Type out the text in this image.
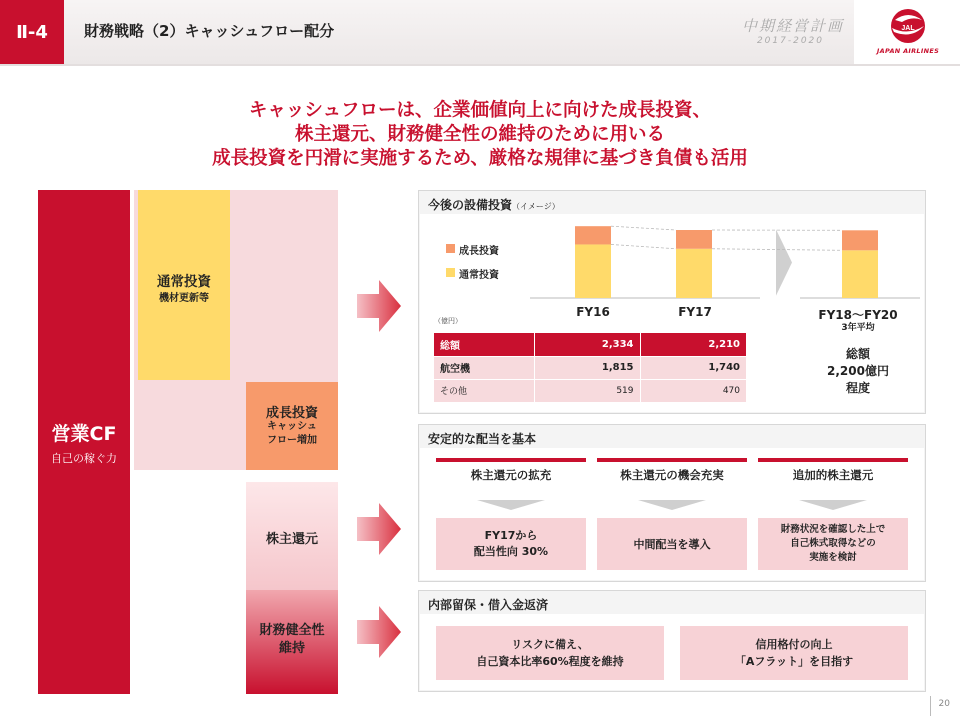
Ⅱ-4	財務戦略（2）キャッシュフロー配分	中期経営計画
2017-2020
JAL
JAPAN AIRLINES
キャッシュフローは、企業価値向上に向けた成長投資、
株主還元、財務健全性の維持のために用いる
成長投資を円滑に実施するため、厳格な規律に基づき負債も活用
営業CF
自己の稼ぐ力
通常投資
機材更新等
成長投資
キャッシュ
フロー増加
株主還元
財務健全性
維持
今後の設備投資（イメージ）
成長投資
通常投資
FY16	FY17	FY18〜FY20
3年平均
（億円）
総額	2,334	2,210
航空機	1,815	1,740
その他	519	470
総額
2,200億円
程度
安定的な配当を基本
株主還元の拡充	株主還元の機会充実	追加的株主還元
FY17から
配当性向 30%
中間配当を導入
財務状況を確認した上で
自己株式取得などの
実施を検討
内部留保・借入金返済
リスクに備え、
自己資本比率60%程度を維持
信用格付の向上
「Aフラット」を目指す
20
